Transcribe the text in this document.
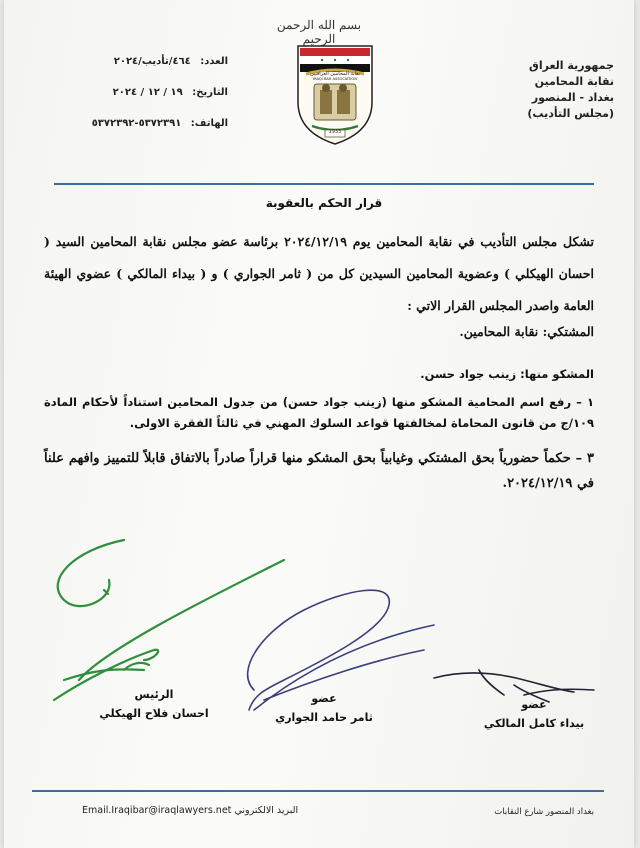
بسم الله الرحمن الرحيم
نقابة المحامين العراقيين
IRAQI BAR ASSOCIATION
1933
جمهورية العراق
نقابة المحامين
بغداد - المنصور
(مجلس التأديب)
العدد: ٤٦٤/تأديب/٢٠٢٤
التاريخ: ١٩ / ١٢ / ٢٠٢٤
الهاتف: ٥٣٧٢٣٩١-٥٣٧٢٣٩٢
قرار الحكم بالعقوبة
تشكل مجلس التأديب في نقابة المحامين يوم ٢٠٢٤/١٢/١٩ برئاسة عضو مجلس نقابة المحامين السيد ( احسان الهيكلي ) وعضوية المحامين السيدين كل من ( ثامر الجواري ) و ( بيداء المالكي ) عضوي الهيئة العامة واصدر المجلس القرار الاتي :
المشتكي: نقابة المحامين.
المشكو منها: زينب جواد حسن.
١ – رفع اسم المحامية المشكو منها (زينب جواد حسن) من جدول المحامين استناداً لأحكام المادة ١٠٩/ج من قانون المحاماة لمخالفتها قواعد السلوك المهني في ثالثاً الفقرة الاولى.
٣ – حكماً حضورياً بحق المشتكي وغيابياً بحق المشكو منها قراراً صادراً بالاتفاق قابلاً للتمييز وافهم علناً في ٢٠٢٤/١٢/١٩.
الرئيس
احسان فلاح الهيكلي
عضو
ثامر حامد الجواري
عضو
بيداء كامل المالكي
البريد الالكتروني Email.Iraqibar@iraqlawyers.net	بغداد المنصور شارع النقابات
